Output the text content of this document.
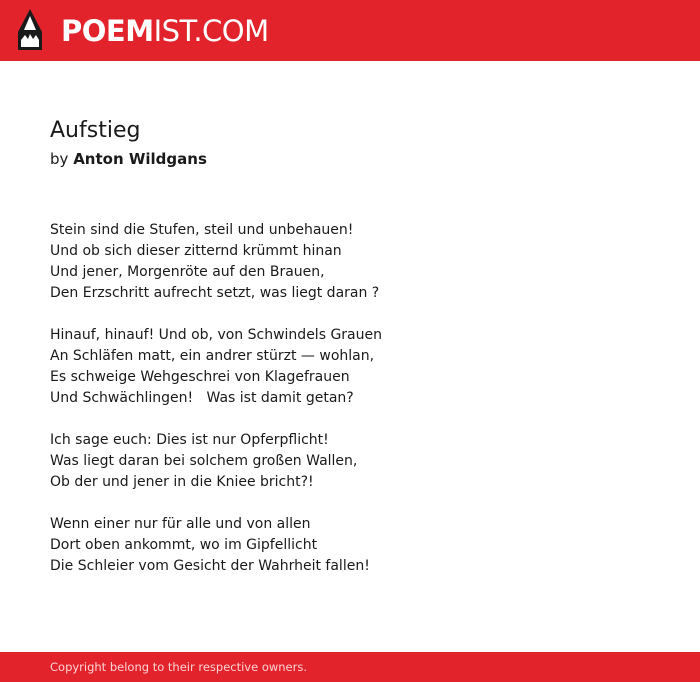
POEMIST.COM
Aufstieg
by Anton Wildgans
Stein sind die Stufen, steil und unbehauen!
Und ob sich dieser zitternd krümmt hinan
Und jener, Morgenröte auf den Brauen,
Den Erzschritt aufrecht setzt, was liegt daran ?
Hinauf, hinauf! Und ob, von Schwindels Grauen
An Schläfen matt, ein andrer stürzt — wohlan,
Es schweige Wehgeschrei von Klagefrauen
Und Schwächlingen!   Was ist damit getan?
Ich sage euch: Dies ist nur Opferpflicht!
Was liegt daran bei solchem großen Wallen,
Ob der und jener in die Kniee bricht?!
Wenn einer nur für alle und von allen
Dort oben ankommt, wo im Gipfellicht
Die Schleier vom Gesicht der Wahrheit fallen!
Copyright belong to their respective owners.
